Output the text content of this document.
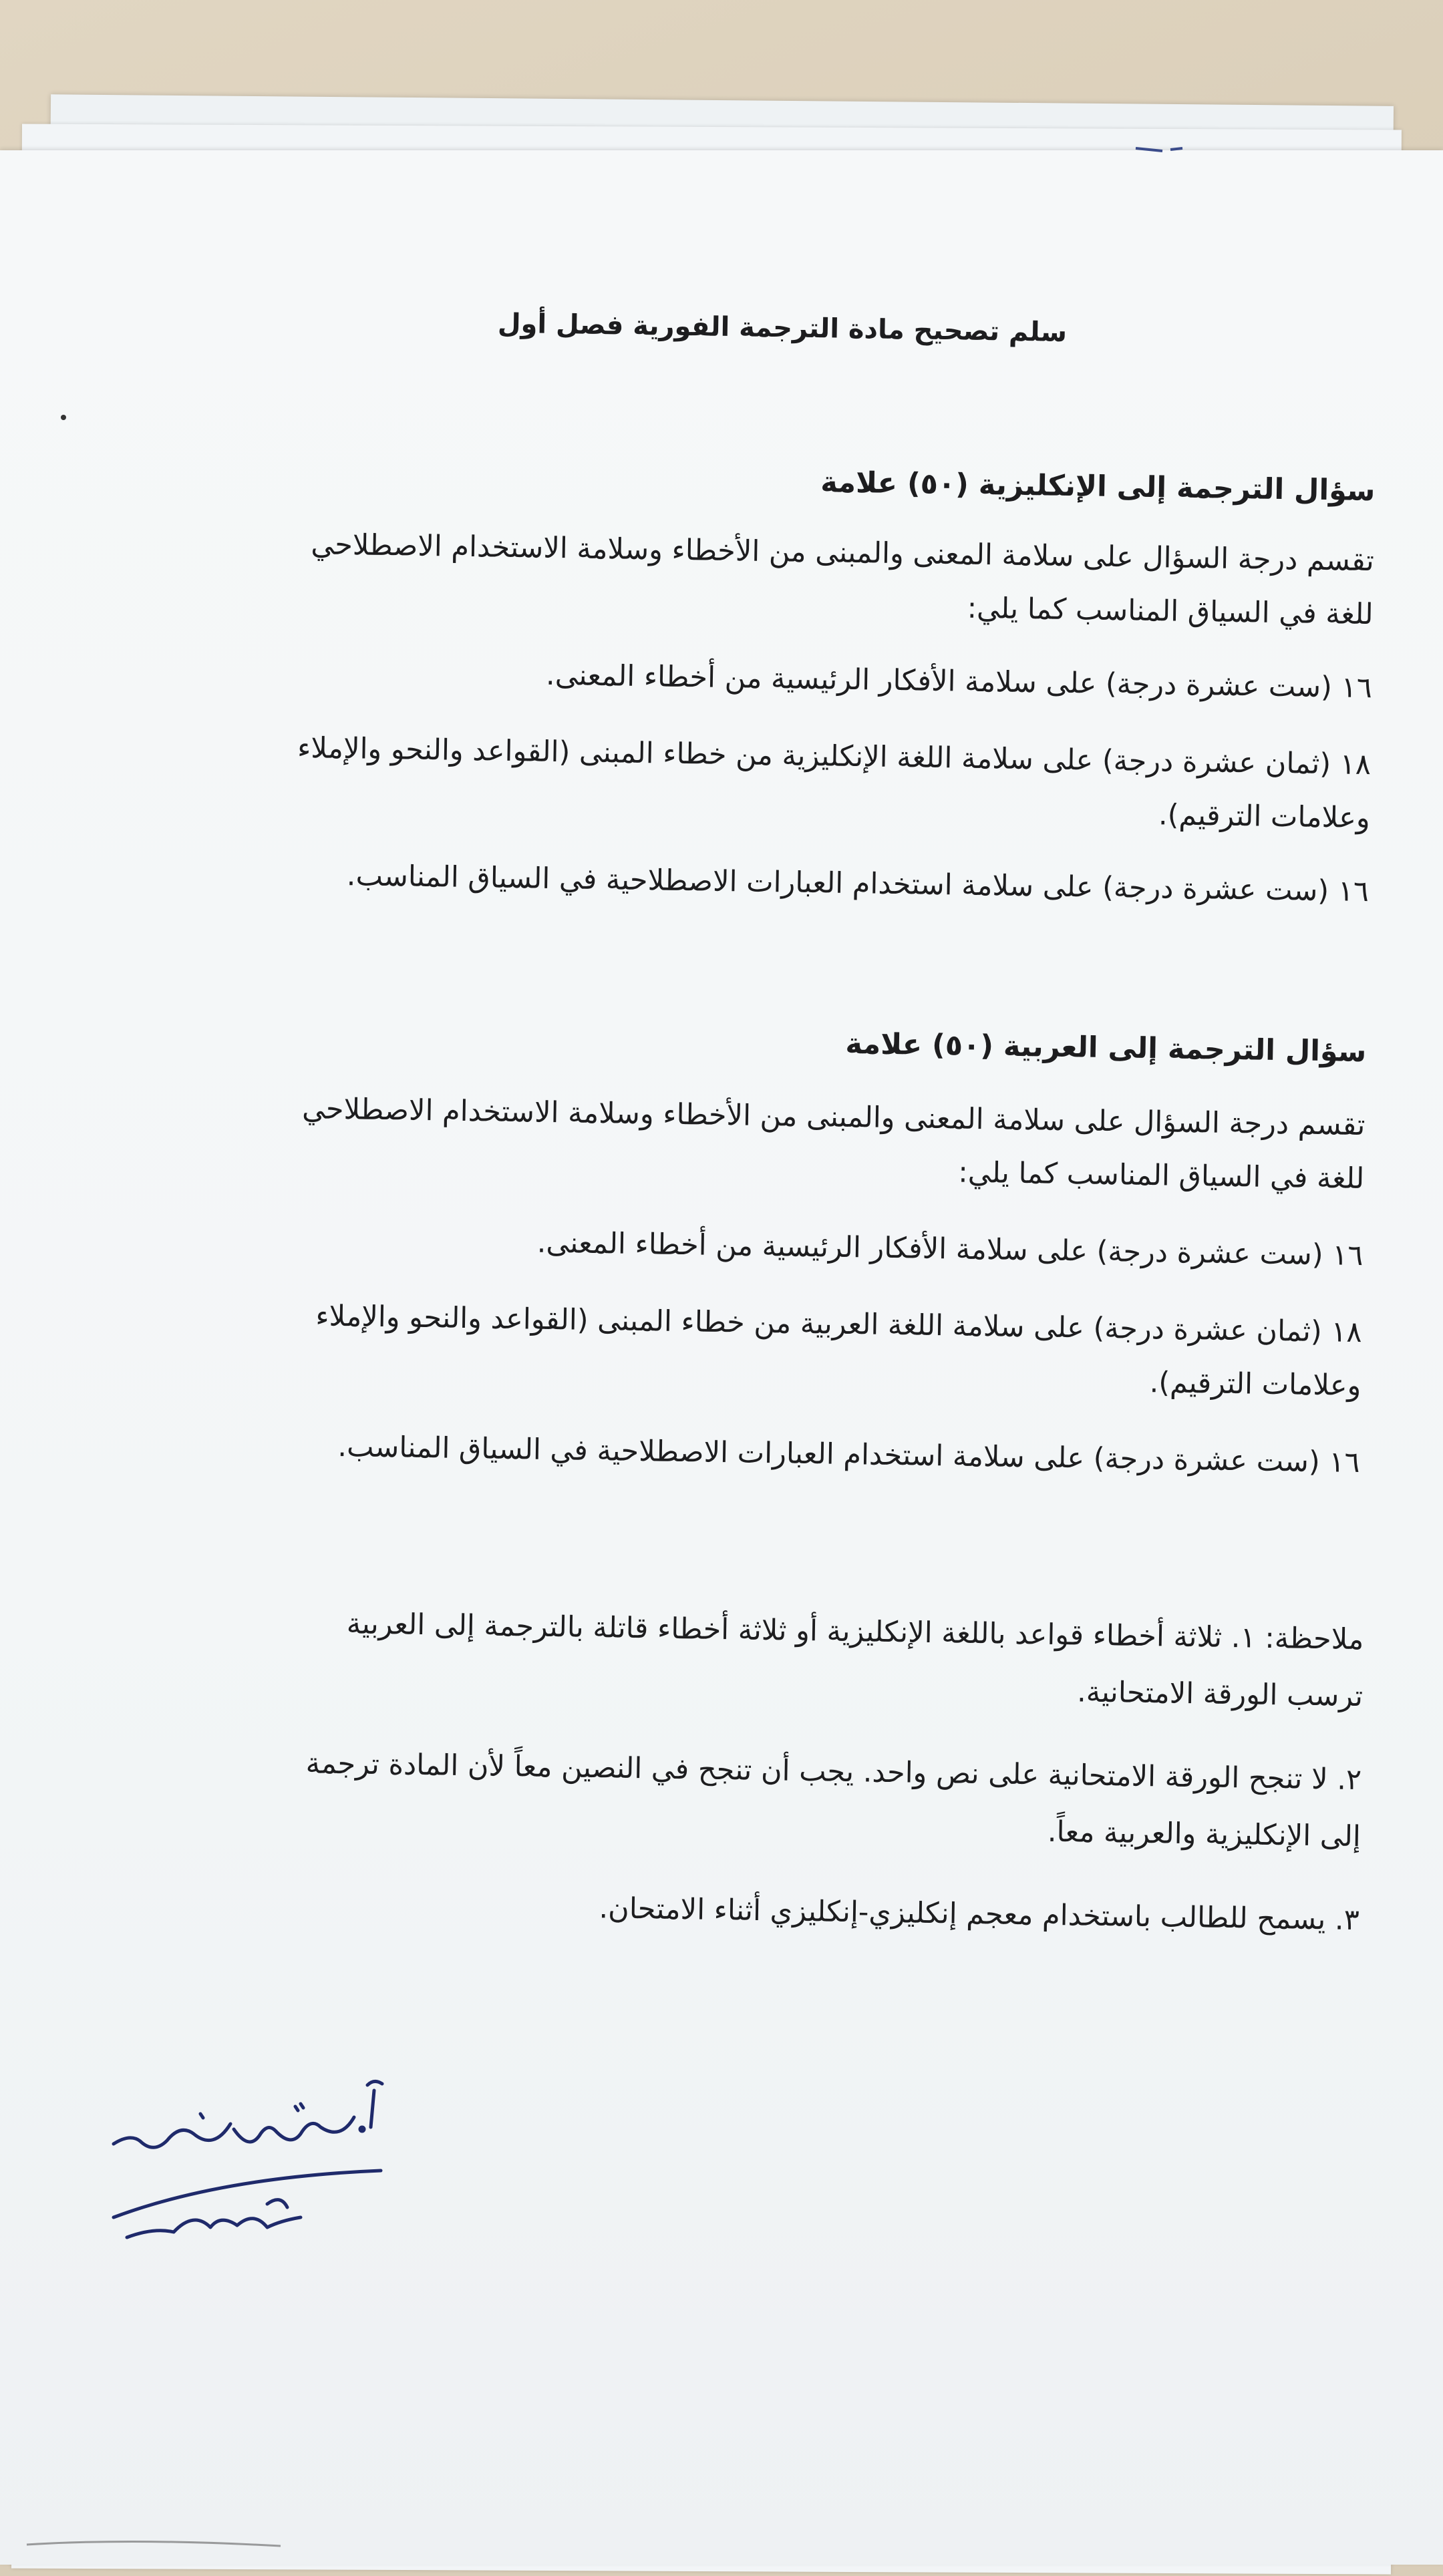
سلم تصحيح مادة الترجمة الفورية فصل أول
سؤال الترجمة إلى الإنكليزية (٥٠) علامة
تقسم درجة السؤال على سلامة المعنى والمبنى من الأخطاء وسلامة الاستخدام الاصطلاحي
للغة في السياق المناسب كما يلي:
١٦ (ست عشرة درجة) على سلامة الأفكار الرئيسية من أخطاء المعنى.
١٨ (ثمان عشرة درجة) على سلامة اللغة الإنكليزية من خطاء المبنى (القواعد والنحو والإملاء
وعلامات الترقيم).
١٦ (ست عشرة درجة) على سلامة استخدام العبارات الاصطلاحية في السياق المناسب.
سؤال الترجمة إلى العربية (٥٠) علامة
تقسم درجة السؤال على سلامة المعنى والمبنى من الأخطاء وسلامة الاستخدام الاصطلاحي
للغة في السياق المناسب كما يلي:
١٦ (ست عشرة درجة) على سلامة الأفكار الرئيسية من أخطاء المعنى.
١٨ (ثمان عشرة درجة) على سلامة اللغة العربية من خطاء المبنى (القواعد والنحو والإملاء
وعلامات الترقيم).
١٦ (ست عشرة درجة) على سلامة استخدام العبارات الاصطلاحية في السياق المناسب.
ملاحظة: ١. ثلاثة أخطاء قواعد باللغة الإنكليزية أو ثلاثة أخطاء قاتلة بالترجمة إلى العربية
ترسب الورقة الامتحانية.
٢. لا تنجح الورقة الامتحانية على نص واحد. يجب أن تنجح في النصين معاً لأن المادة ترجمة
إلى الإنكليزية والعربية معاً.
٣. يسمح للطالب باستخدام معجم إنكليزي-إنكليزي أثناء الامتحان.
